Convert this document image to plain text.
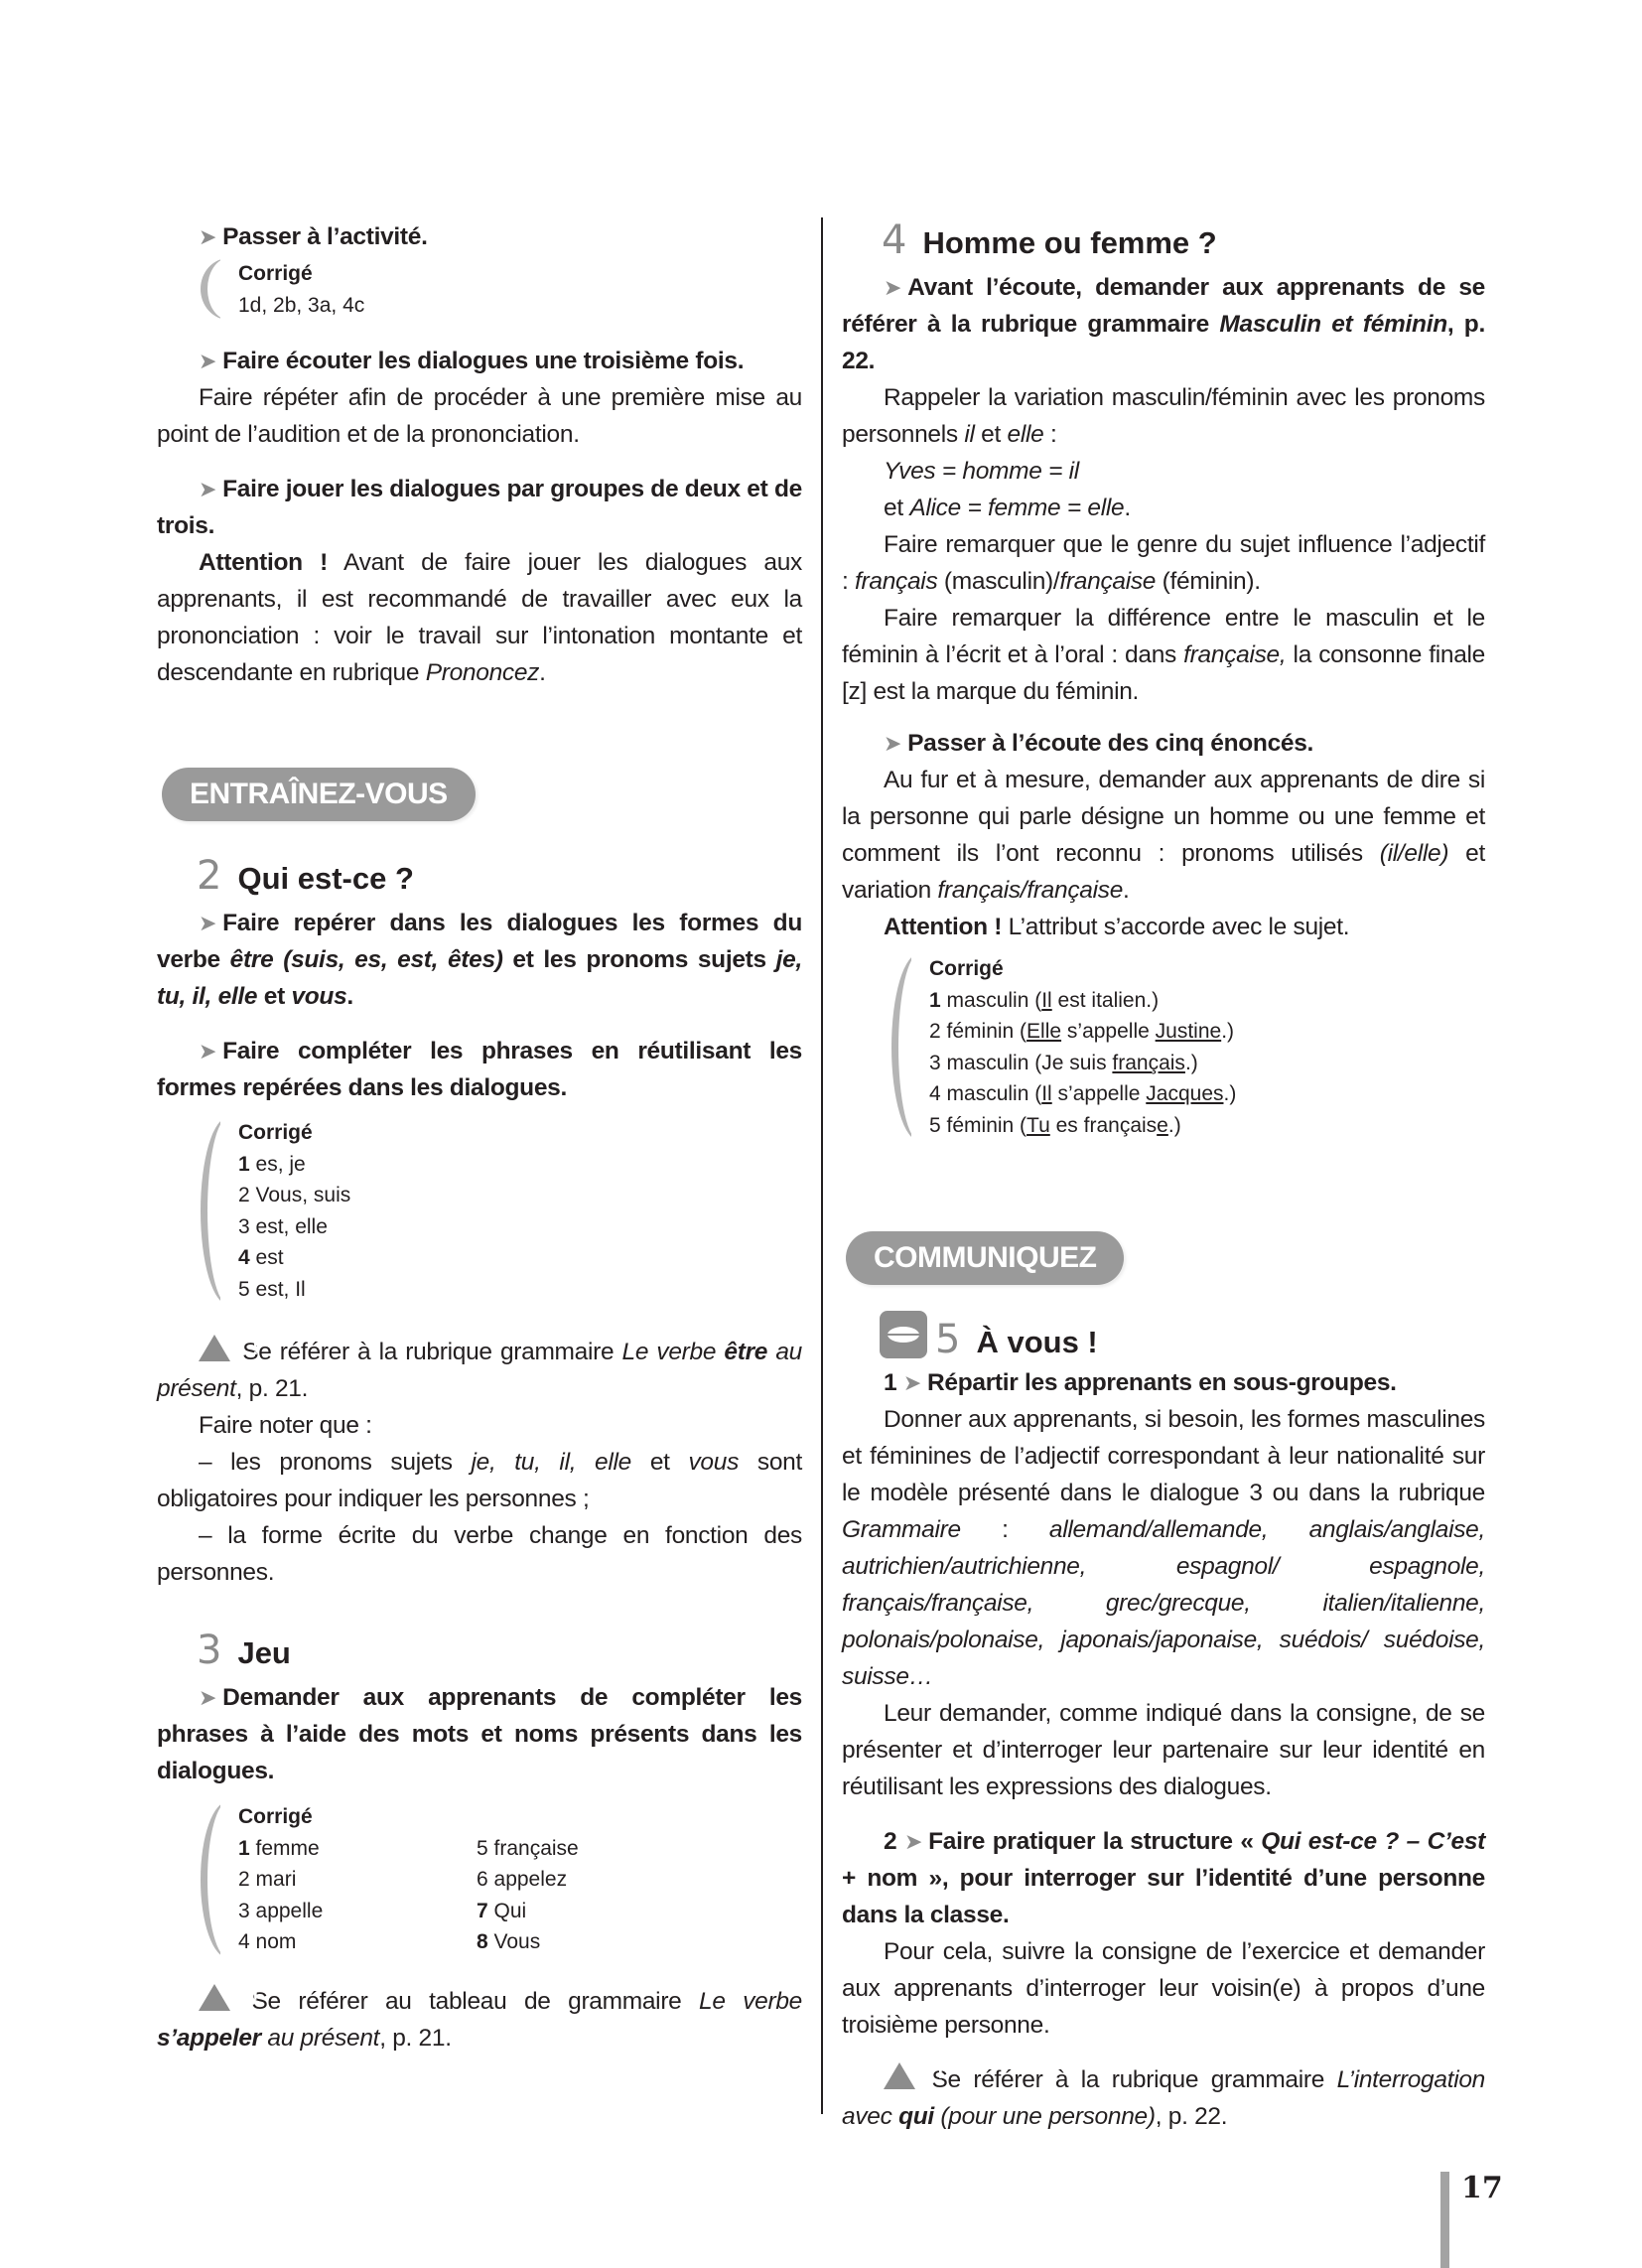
➤ Passer à l’activité.

Corrigé
1d, 2b, 3a, 4c

➤ Faire écouter les dialogues une troisième fois.

Faire répéter afin de procéder à une première mise au point de l’audition et de la prononciation.

➤ Faire jouer les dialogues par groupes de deux et de trois.

Attention ! Avant de faire jouer les dialogues aux apprenants, il est recommandé de travailler avec eux la prononciation : voir le travail sur l’intonation montante et descendante en rubrique Prononcez.

ENTRAÎNEZ-VOUS
2 Qui est-ce ?

➤ Faire repérer dans les dialogues les formes du verbe être (suis, es, est, êtes) et les pronoms sujets je, tu, il, elle et vous.

➤ Faire compléter les phrases en réutilisant les formes repérées dans les dialogues.

Corrigé
1 es, je
2 Vous, suis
3 est, elle
4 est
5 est, Il

! Se référer à la rubrique grammaire Le verbe être au présent, p. 21.

Faire noter que :

– les pronoms sujets je, tu, il, elle et vous sont obligatoires pour indiquer les personnes ;

– la forme écrite du verbe change en fonction des personnes.

3 Jeu

➤ Demander aux apprenants de compléter les phrases à l’aide des mots et noms présents dans les dialogues.

Corrigé
1 femme
2 mari
3 appelle
4 nom
5 française
6 appelez
7 Qui
8 Vous

! Se référer au tableau de grammaire Le verbe s’appeler au présent, p. 21.

4 Homme ou femme ?

➤ Avant l’écoute, demander aux apprenants de se référer à la rubrique grammaire Masculin et féminin, p. 22.

Rappeler la variation masculin/féminin avec les pronoms personnels il et elle :

Yves = homme = il

et Alice = femme = elle.

Faire remarquer que le genre du sujet influence l’adjectif : français (masculin)/française (féminin).

Faire remarquer la différence entre le masculin et le féminin à l’écrit et à l’oral : dans française, la consonne finale [z] est la marque du féminin.

➤ Passer à l’écoute des cinq énoncés.

Au fur et à mesure, demander aux apprenants de dire si la personne qui parle désigne un homme ou une femme et comment ils l’ont reconnu : pronoms utilisés (il/elle) et variation français/française.

Attention ! L’attribut s’accorde avec le sujet.

Corrigé
1 masculin (Il est italien.)
2 féminin (Elle s’appelle Justine.)
3 masculin (Je suis français.)
4 masculin (Il s’appelle Jacques.)
5 féminin (Tu es française.)
COMMUNIQUEZ
5 À vous !

1 ➤ Répartir les apprenants en sous-groupes.

Donner aux apprenants, si besoin, les formes masculines et féminines de l’adjectif correspondant à leur nationalité sur le modèle présenté dans le dialogue 3 ou dans la rubrique Grammaire : allemand/allemande, anglais/anglaise, autrichien/autrichienne, espagnol/ espagnole, français/française, grec/grecque, italien/italienne, polonais/polonaise, japonais/japonaise, suédois/ suédoise, suisse…

Leur demander, comme indiqué dans la consigne, de se présenter et d’interroger leur partenaire sur leur identité en réutilisant les expressions des dialogues.

2 ➤ Faire pratiquer la structure « Qui est-ce ? – C’est + nom », pour interroger sur l’identité d’une personne dans la classe.

Pour cela, suivre la consigne de l’exercice et demander aux apprenants d’interroger leur voisin(e) à propos d’une troisième personne.

! Se référer à la rubrique grammaire L’interrogation avec qui (pour une personne), p. 22.

17
